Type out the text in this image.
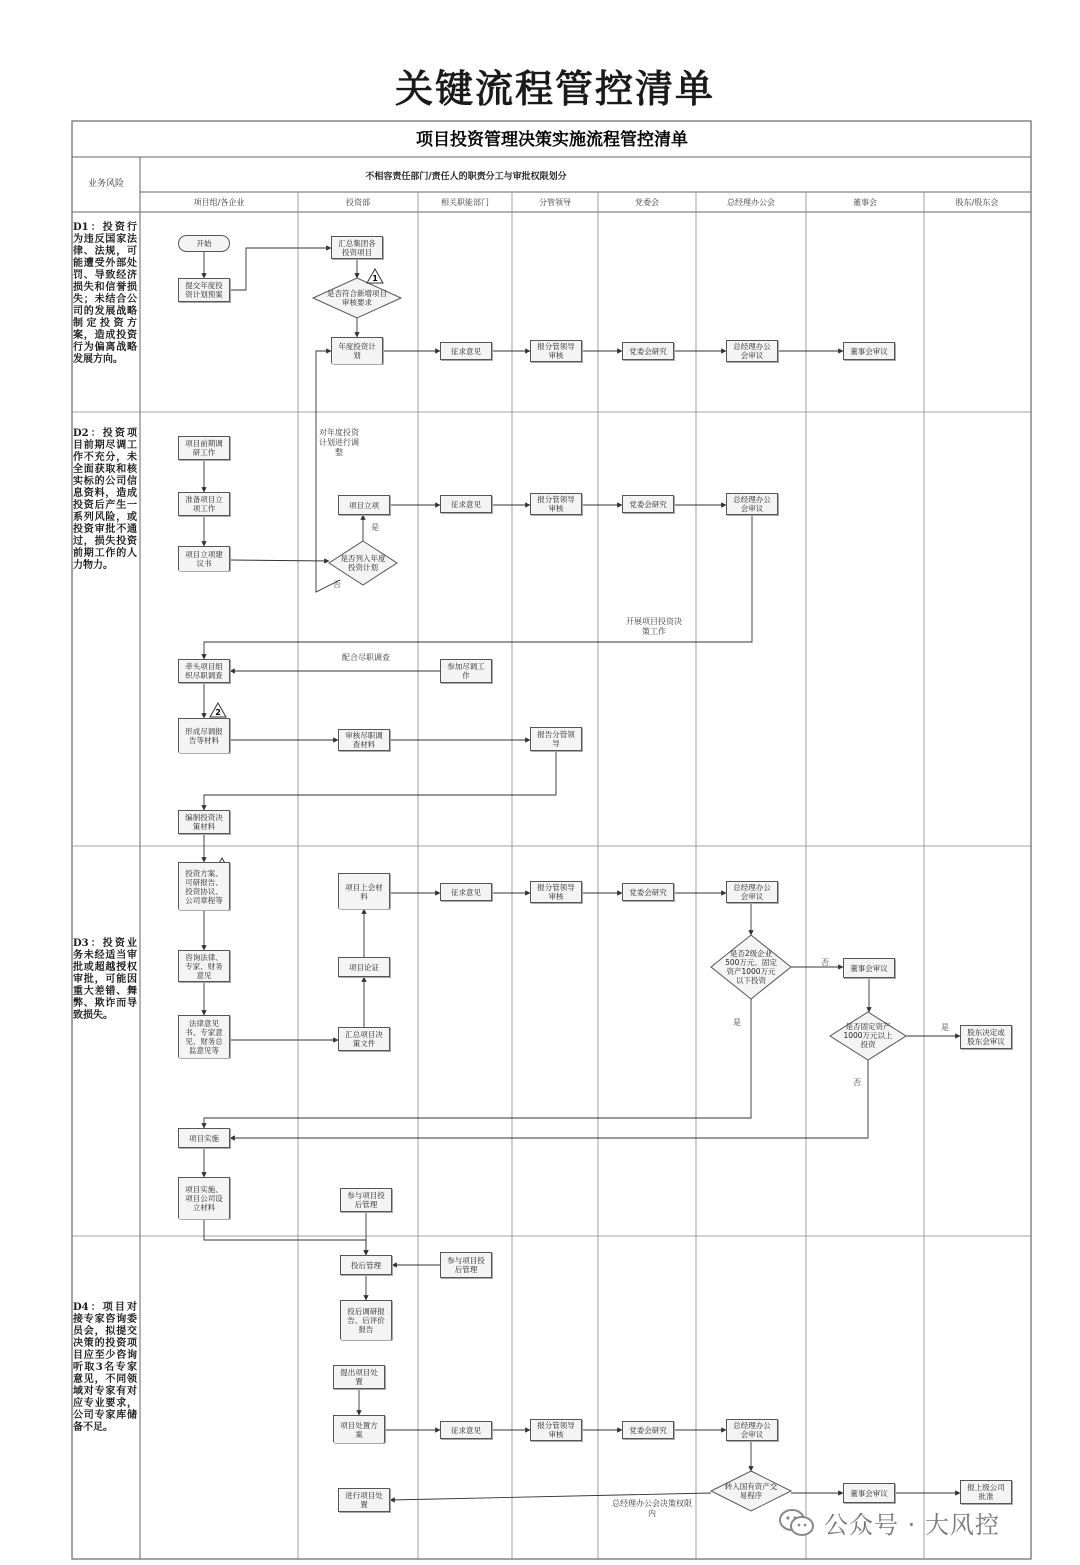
关键流程管控清单
项目投资管理决策实施流程管控清单
业务风险
不相容责任部门/责任人的职责分工与审批权限划分
项目组/各企业	投资部	相关职能部门	分管领导	党委会	总经理办公会	董事会	股东/股东会
1
2
D1：投资行为违反国家法律、法规，可能遭受外部处罚、导致经济损失和信誉损失；未结合公司的发展战略制定投资方案，造成投资行为偏离战略发展方向。
D2：投资项目前期尽调工作不充分，未全面获取和核实标的公司信息资料，造成投资后产生一系列风险，或投资审批不通过，损失投资前期工作的人力物力。
D3：投资业务未经适当审批或超越授权审批，可能因重大差错、舞弊、欺诈而导致损失。
D4：项目对接专家咨询委员会，拟提交决策的投资项目应至少咨询听取3名专家意见，不同领域对专家有对应专业要求，公司专家库储备不足。
开始
提交年度投资计划预案
汇总集团各投资项目
年度投资计划	征求意见	报分管领导审核	党委会研究	总经理办公会审议	董事会审议
项目前期调研工作
准备项目立项工作
项目立项建议书
项目立项	征求意见	报分管领导审核	党委会研究	总经理办公会审议
牵头项目组织尽职调查
参加尽调工作
形成尽调报告等材料
审核尽职调查材料
报告分管领导
编制投资决策材料
投资方案、可研报告、投资协议、公司章程等
项目上会材料	征求意见	报分管领导审核	党委会研究	总经理办公会审议
咨询法律、专家、财务意见
项目论证	董事会审议
法律意见书、专家意见、财务总监意见等
汇总项目决策文件
股东决定或股东会审议
项目实施
项目实施、项目公司设立材料
参与项目投后管理
投后管理	参与项目投后管理
投后调研报告、后评价报告
提出项目处置
项目处置方案	征求意见	报分管领导审核	党委会研究	总经理办公会审议
董事会审议
报上级公司批准
进行项目处置
是否符合新增项目审核要求
是否列入年度投资计划
是否2级企业500万元、固定资产1000万元以下投资
是否固定资产1000万元以上投资
转入国有资产交易程序
对年度投资计划进行调整
开展项目投资决策工作
配合尽职调查
总经理办公会决策权限内
是
否
否
是
是
否
公众号 · 大风控
